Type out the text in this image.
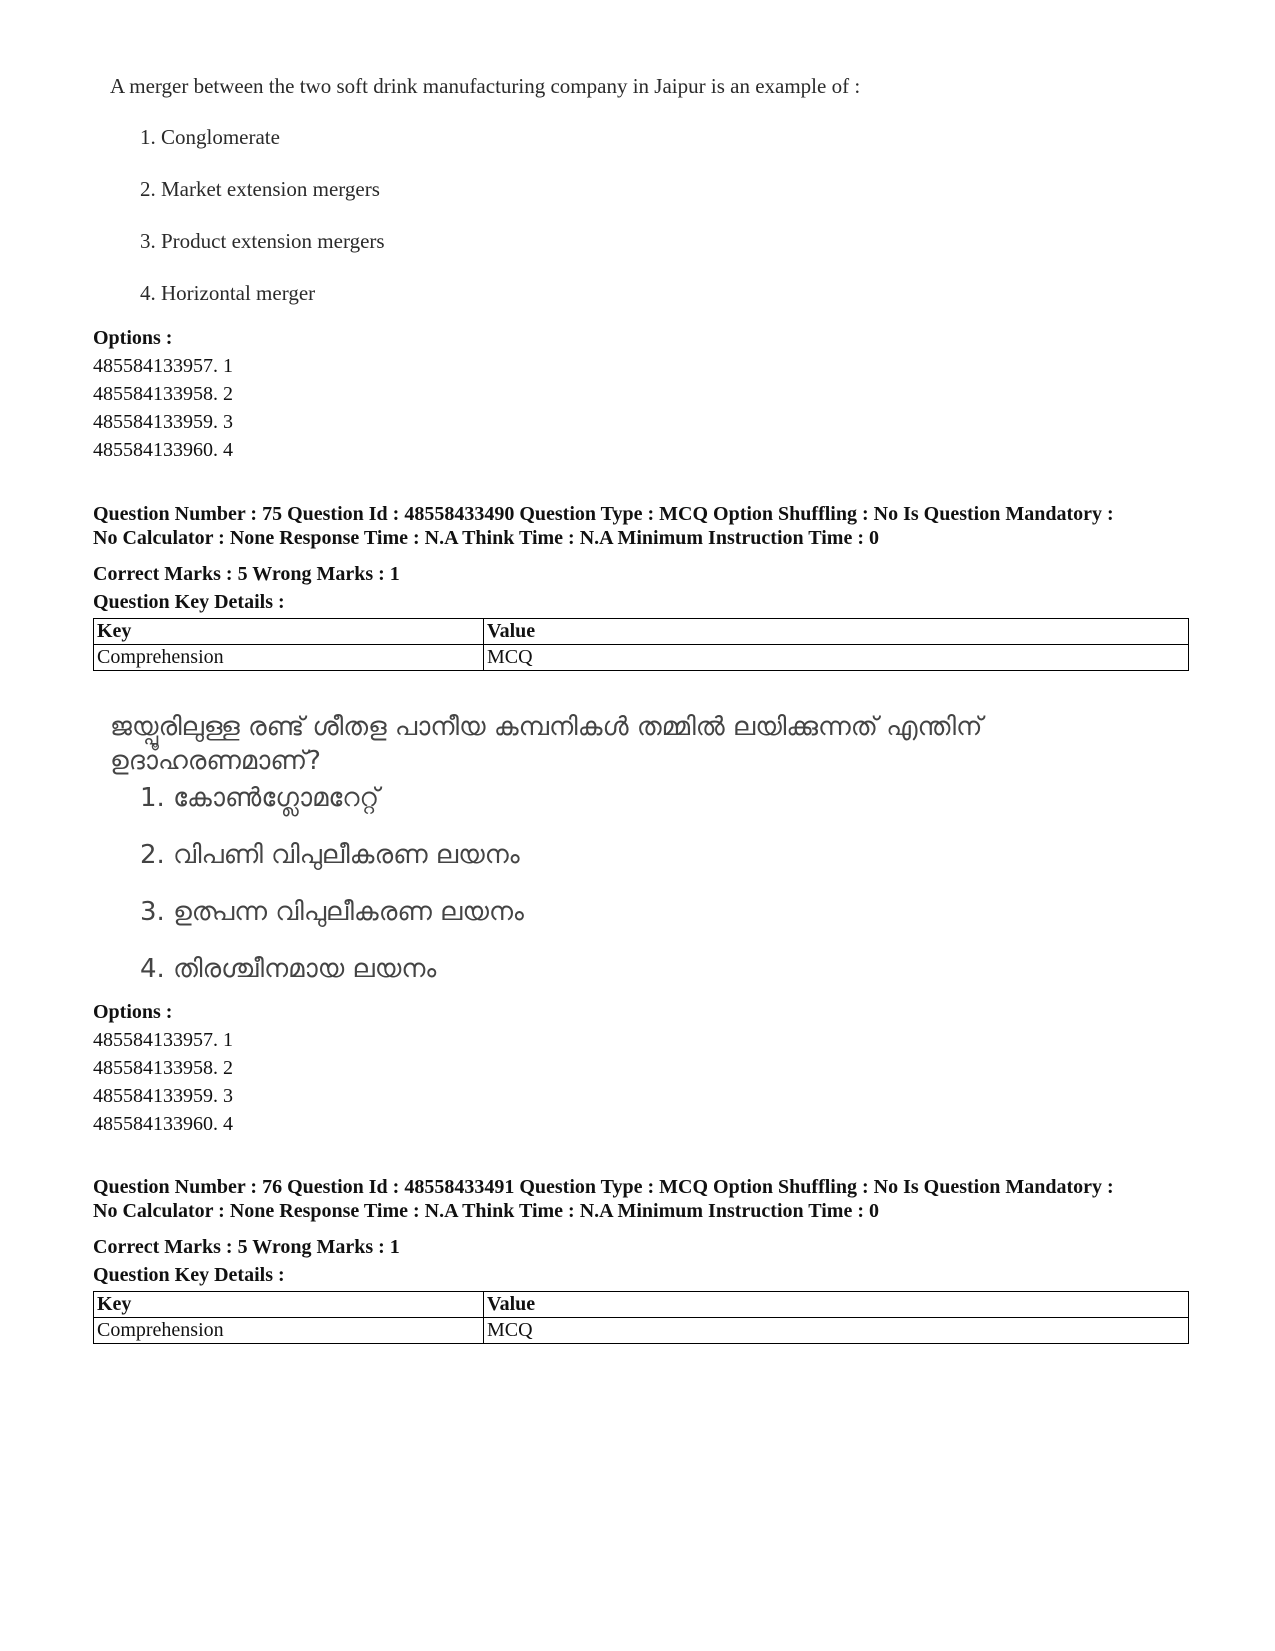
A merger between the two soft drink manufacturing company in Jaipur is an example of :
1. Conglomerate
2. Market extension mergers
3. Product extension mergers
4. Horizontal merger
Options :
485584133957. 1
485584133958. 2
485584133959. 3
485584133960. 4
Question Number : 75 Question Id : 48558433490 Question Type : MCQ Option Shuffling : No Is Question Mandatory :
No Calculator : None Response Time : N.A Think Time : N.A Minimum Instruction Time : 0
Correct Marks : 5 Wrong Marks : 1
Question Key Details :
Key	Value
Comprehension	MCQ
ജയ്പൂരിലുള്ള രണ്ട് ശീതള പാനീയ കമ്പനികൾ തമ്മിൽ ലയിക്കുന്നത് എന്തിന്
ഉദാഹരണമാണ്?
1. കോൺഗ്ലോമറേറ്റ്
2. വിപണി വിപുലീകരണ ലയനം
3. ഉത്പന്ന വിപുലീകരണ ലയനം
4. തിരശ്ചീനമായ ലയനം
Options :
485584133957. 1
485584133958. 2
485584133959. 3
485584133960. 4
Question Number : 76 Question Id : 48558433491 Question Type : MCQ Option Shuffling : No Is Question Mandatory :
No Calculator : None Response Time : N.A Think Time : N.A Minimum Instruction Time : 0
Correct Marks : 5 Wrong Marks : 1
Question Key Details :
Key	Value
Comprehension	MCQ
